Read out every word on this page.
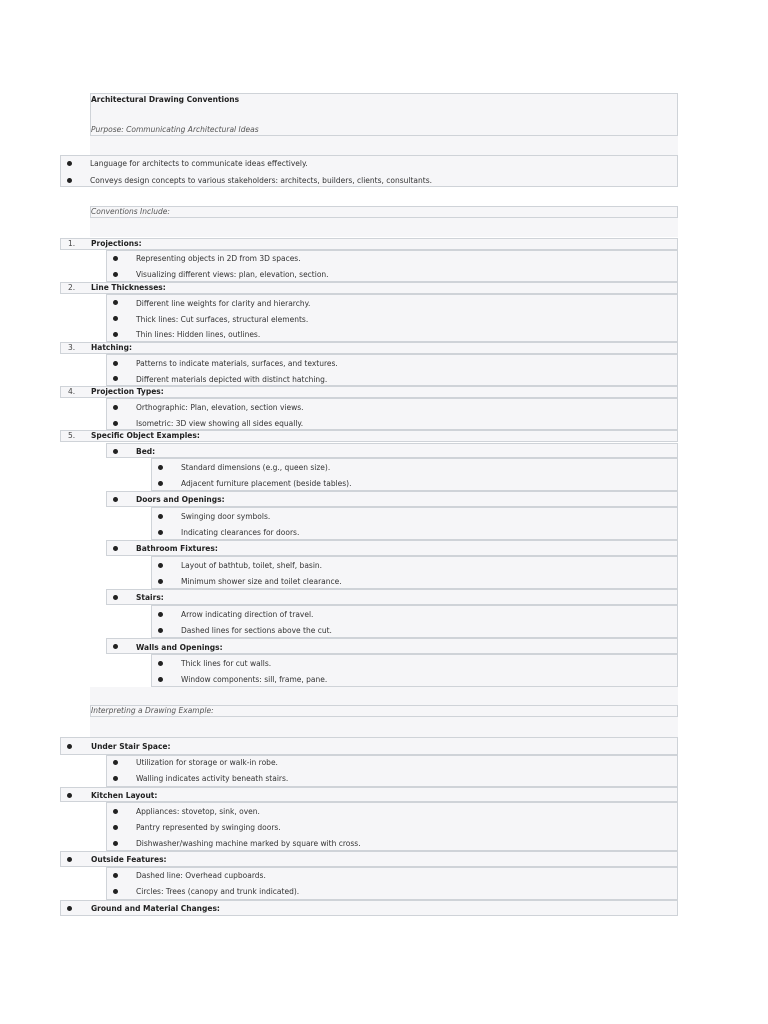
Architectural Drawing Conventions
Purpose: Communicating Architectural Ideas
Language for architects to communicate ideas effectively.
Conveys design concepts to various stakeholders: architects, builders, clients, consultants.
Conventions Include:
1. Projections:
Representing objects in 2D from 3D spaces.
Visualizing different views: plan, elevation, section.
2. Line Thicknesses:
Different line weights for clarity and hierarchy.
Thick lines: Cut surfaces, structural elements.
Thin lines: Hidden lines, outlines.
3. Hatching:
Patterns to indicate materials, surfaces, and textures.
Different materials depicted with distinct hatching.
4. Projection Types:
Orthographic: Plan, elevation, section views.
Isometric: 3D view showing all sides equally.
5. Specific Object Examples:
Bed:
Standard dimensions (e.g., queen size).
Adjacent furniture placement (beside tables).
Doors and Openings:
Swinging door symbols.
Indicating clearances for doors.
Bathroom Fixtures:
Layout of bathtub, toilet, shelf, basin.
Minimum shower size and toilet clearance.
Stairs:
Arrow indicating direction of travel.
Dashed lines for sections above the cut.
Walls and Openings:
Thick lines for cut walls.
Window components: sill, frame, pane.
Interpreting a Drawing Example:
Under Stair Space:
Utilization for storage or walk-in robe.
Walling indicates activity beneath stairs.
Kitchen Layout:
Appliances: stovetop, sink, oven.
Pantry represented by swinging doors.
Dishwasher/washing machine marked by square with cross.
Outside Features:
Dashed line: Overhead cupboards.
Circles: Trees (canopy and trunk indicated).
Ground and Material Changes:
